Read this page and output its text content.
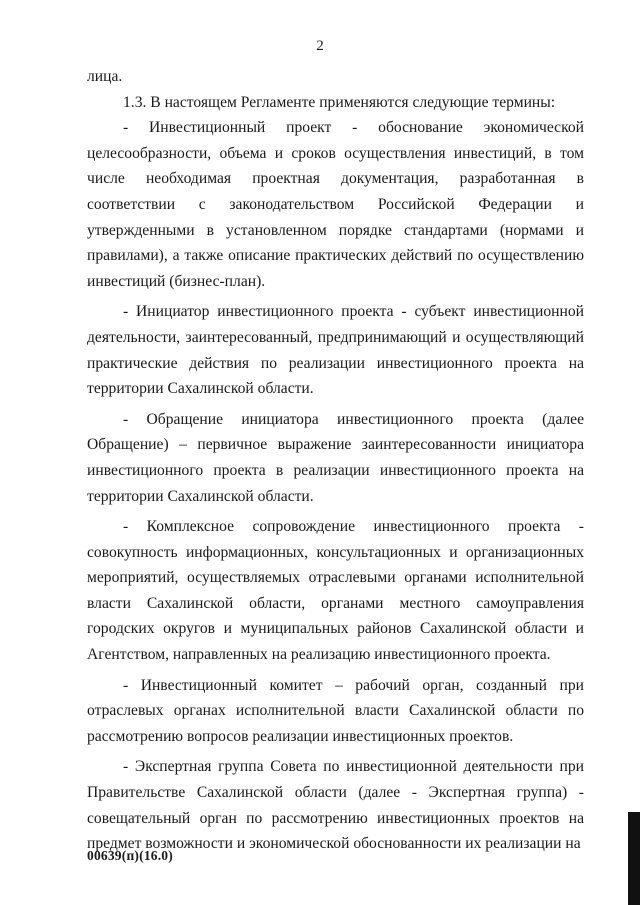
2

лица.

1.3. В настоящем Регламенте применяются следующие термины:

- Инвестиционный проект - обоснование экономической целесообразности, объема и сроков осуществления инвестиций, в том числе необходимая проектная документация, разработанная в соответствии с законодательством Российской Федерации и утвержденными в установленном порядке стандартами (нормами и правилами), а также описание практических действий по осуществлению инвестиций (бизнес-план).

- Инициатор инвестиционного проекта - субъект инвестиционной деятельности, заинтересованный, предпринимающий и осуществляющий практические действия по реализации инвестиционного проекта на территории Сахалинской области.

- Обращение инициатора инвестиционного проекта (далее Обращение) – первичное выражение заинтересованности инициатора инвестиционного проекта в реализации инвестиционного проекта на территории Сахалинской области.

- Комплексное сопровождение инвестиционного проекта - совокупность информационных, консультационных и организационных мероприятий, осуществляемых отраслевыми органами исполнительной власти Сахалинской области, органами местного самоуправления городских округов и муниципальных районов Сахалинской области и Агентством, направленных на реализацию инвестиционного проекта.

- Инвестиционный комитет – рабочий орган, созданный при отраслевых органах исполнительной власти Сахалинской области по рассмотрению вопросов реализации инвестиционных проектов.

- Экспертная группа Совета по инвестиционной деятельности при Правительстве Сахалинской области (далее - Экспертная группа) - совещательный орган по рассмотрению инвестиционных проектов на предмет возможности и экономической обоснованности их реализации на

00639(п)(16.0)
